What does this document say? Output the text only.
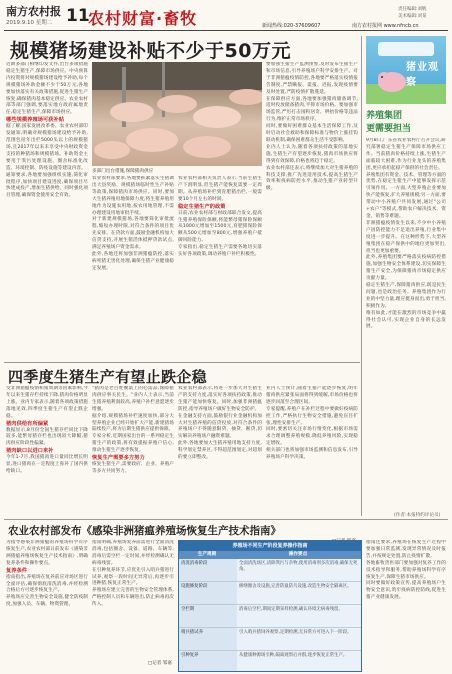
南方农村报
2019.9.10 星期二 11
农村财富·畜牧	责任编辑:刘帆
美术编辑:刘某
新闻热线:020-37609607	南方农村报网 www.nfncb.cn
规模猪场建设补贴不少于50万元
近期多部门相继印发文件,出台多项措施稳定生猪生产,保障市场供应。中央预算内投资将对规模猪场建设给予补助,每个规模猪场补助金额不少于50万元,各地要加快落实有关政策措施,促进生猪生产恢复,确保猪肉基本稳定供应。农业农村部等部门强调,要落实地方政府属地责任,稳定生猪生产,保障市场供应。
哪些规模养殖场可获补贴
据了解,国家发展改革委、农业农村部印发通知,明确对规模猪场建设给予补助,范围包括年出栏5000头以上的规模猪场,且2017年以来未享受中央财政资金支持的种猪场和规模猪场。补助资金主要用于粪污处理设施、圈舍标准化改造、环境控制、防疫设施等建设内容。
通知要求,各地要加强组织实施,简化审批程序,加快项目建设进度,确保项目尽快建成投产,增加生猪供给。同时强化项目管理,确保资金使用安全有效。
多部门出台措施,保障猪肉供应
农业农村部要求,各地要抓紧落实生猪调出大县奖励、规模猪场临时性生产补贴等政策,保障猪肉市场供应。同时,要加大生猪养殖用地保障力度,将生猪养殖用地作为设施农用地,按农用地管理,不需办理建设用地审批手续。
对于新建规模猪场,各地要简化审批流程,缩短办理时限,对符合条件的项目优先安排。在贷款方面,鼓励金融机构加大信贷支持,开展生猪活体抵押贷款试点,满足养殖场户资金需求。
此外,各地还将加强非洲猪瘟防控,落实病死猪无害化处理,确保生猪产业健康稳定发展。
农业农村部相关负责人表示,当前生猪生产下滑明显,但生猪产能恢复需要一定周期。从养殖场补栏到育肥猪出栏,一般需要10个月左右的时间。
稳定生猪生产的政策
日前,农业农村部与财政部联合发文,提高生猪养殖保险保额,将能繁母猪保险保额从1000元增加至1500元,育肥猪保险保额从500元增加至800元,增强养殖户抵御风险能力。
专家指出,稳定生猪生产需要各地切实落实好各项政策,调动养殖户补栏积极性。
要加强生猪生产监测预警,及时发布生猪生产和市场信息,引导养殖场户科学安排生产。对于非洲猪瘟疫情防控,各地要严格落实疫情报告制度,严禁瞒报、谎报、迟报,发现疫情要及时处置,严防疫情扩散蔓延。
在保障供应方面,各地要加强猪肉储备调节,适时投放储备猪肉,平抑市场价格。要加强市场监管,严厉打击囤积居奇、哄抬价格等违法行为,维护正常市场秩序。
同时,要做好困难群众基本生活保障工作,及时启动社会救助和保障标准与物价上涨挂钩联动机制,确保困难群众生活不受影响。
业内人士认为,随着各项扶持政策的落地实施,生猪生产有望逐步恢复,猪肉市场供应将得到有效保障,价格也将趋于稳定。
农业农村部还表示,将继续加大对生猪养殖的科技支撑,推广先进适用技术,提高生猪生产效率和疫病防控水平,推动生猪产业转型升级。
猪业观察
养殖集团
更需要担当
9月8日,广东省农业农村厅召开会议,研究部署稳定生猪生产保障市场供应工作。当前猪肉价格持续上涨,生猪生产面临较大困难,作为行业龙头的养殖集团,更应承担起稳产保供的社会责任。
养殖集团有资金、技术、管理等方面的优势,在稳定生猪生产中能够发挥示范引领作用。一方面,大型养殖企业要加快产能恢复,扩大养殖规模;另一方面,要带动中小养殖户共同发展,通过"公司+农户"等模式,帮助农户解决技术、资金、销售等难题。
非洲猪瘟疫情发生以来,不少中小养殖户因防控能力不足退出养殖,行业集中度进一步提升。在这种形势下,大型养殖集团在稳产保供中的地位更加突出,担当也更加重要。
此外,养殖集团要严格落实疫病防控措施,加强生物安全体系建设,切实保障生猪生产安全,为保障猪肉市场稳定供应贡献力量。
稳定生猪生产,保障猪肉供应,既是民生问题,也是政治任务。养殖集团作为行业的中坚力量,理应挺身而出,勇于担当,积极作为。
唯有如此,才能在激烈的市场竞争中赢得社会认可,实现企业自身的长远发展。
(作者:本报特约评论员)
四季度生猪生产有望止跌企稳
受非洲猪瘟疫情和猪周期等因素影响,今年以来生猪存栏持续下降,猪肉价格明显上涨。业内专家表示,随着各项政策措施落地见效,四季度生猪生产有望止跌企稳。
猪肉供给有所偏紧
数据显示,8月份全国生猪存栏同比下降较多,能繁母猪存栏也出现较大降幅,猪肉供应阶段性偏紧。
猪肉缺口以进口来补
今年1-7月,我国猪肉进口量同比增长明显,进口猪肉在一定程度上弥补了国内供给缺口。
"猪肉是老百姓餐桌上的必需品,保障猪肉供应事关民生。"业内人士表示,当前生猪养殖利润较高,养殖户补栏意愿逐步增强。
据介绍,规模猪场补栏速度加快,部分大型养殖企业已经开始扩大产能,新建猪场陆续投产,将为后期生猪供应提供保障。
专家分析,近期国家出台的一系列稳定生猪生产的政策,将有效提振养殖户信心,推动生猪生产逐步恢复。
恢复生产需要多方努力
恢复生猪生产,需要政府、企业、养殖户等多方共同努力。
农业农村部表示,将进一步加大对生猪生产的支持力度,落实好各项扶持政策,推动生猪产能加快恢复。同时,加强非洲猪瘟防控,指导养殖场户做好生物安全防护。
在金融支持方面,鼓励银行业金融机构加大对生猪养殖的信贷投放,对符合条件的养殖场户不得随意限贷、抽贷、断贷,切实解决养殖场户融资难题。
此外,各地要加大生猪养殖用地支持力度,科学划定禁养区,不得超范围划定,对超划的要立即整改。
业内人士预计,随着生猪产能逐步恢复,明年猪肉供应紧张局面将得到缓解,市场价格也将逐步回落至合理区间。
专家提醒,养殖户在补栏过程中要做好疫病防控工作,严格执行生物安全措施,避免盲目扩张,理性安排生产。
同时,要密切关注市场行情变化,根据市场需求合理调整养殖规模,降低养殖风险,实现稳定增收。
相关部门也将加强市场监测和信息发布,引导养殖场户科学决策。
农业农村部发布《感染非洲猪瘟养殖场恢复生产技术指南》
为指导感染非洲猪瘟的养殖场科学有序恢复生产,农业农村部日前发布《感染非洲猪瘟养殖场恢复生产技术指南》,明确复养条件和操作要点。
复养条件
指南指出,养殖场在复养前应对场区进行全面评估,确保彻底清洗消毒,并经检测合格后方可逐步恢复生产。
养殖场应完善生物安全设施,健全防疫制度,加强人员、车辆、物资管理。
指南明确,养殖场复养前需进行全面清洗消毒,包括圈舍、设备、道路、车辆等,消毒后需空栏一定时间,并经检测确认无病毒残留。
在引种复养环节,应优先引入哨兵猪进行试养,观察一段时间无异常后,再逐步引进种猪,恢复正常生产。
养殖场应建立完善的生物安全管理体系,严格控制人员和车辆进出,防止病毒再次传入。
□记者 邹嘉
养殖场不同生产阶段复养操作指南
生产周期	操作要点
清洗消毒阶段	全面清洗场区,清除粪污与杂物,使用消毒剂多次消毒,确保无死角。
设施修复阶段	修缮圈舍及设施,完善防鼠防鸟设施,改造生物安全隔离区。
空栏期	消毒后空栏,期间定期采样检测,确认环境无病毒残留。
哨兵猪试养	引入哨兵猪饲养观察,定期检测,无异常方可进入下一阶段。
引种复养	从健康种源场引种,隔离观察后并群,逐步恢复正常生产。
指南还要求,养殖场在恢复生产过程中要加强日常监测,发现异常情况及时报告,并按规定处置,防止疫情扩散。
各地畜牧兽医部门要加强对复养工作的技术指导和服务,帮助养殖场科学有序恢复生产,保障生猪市场供应。
同时要做好政策宣传,提高养殖场户生物安全意识,筑牢疫病防控防线,促进生猪产业健康发展。
